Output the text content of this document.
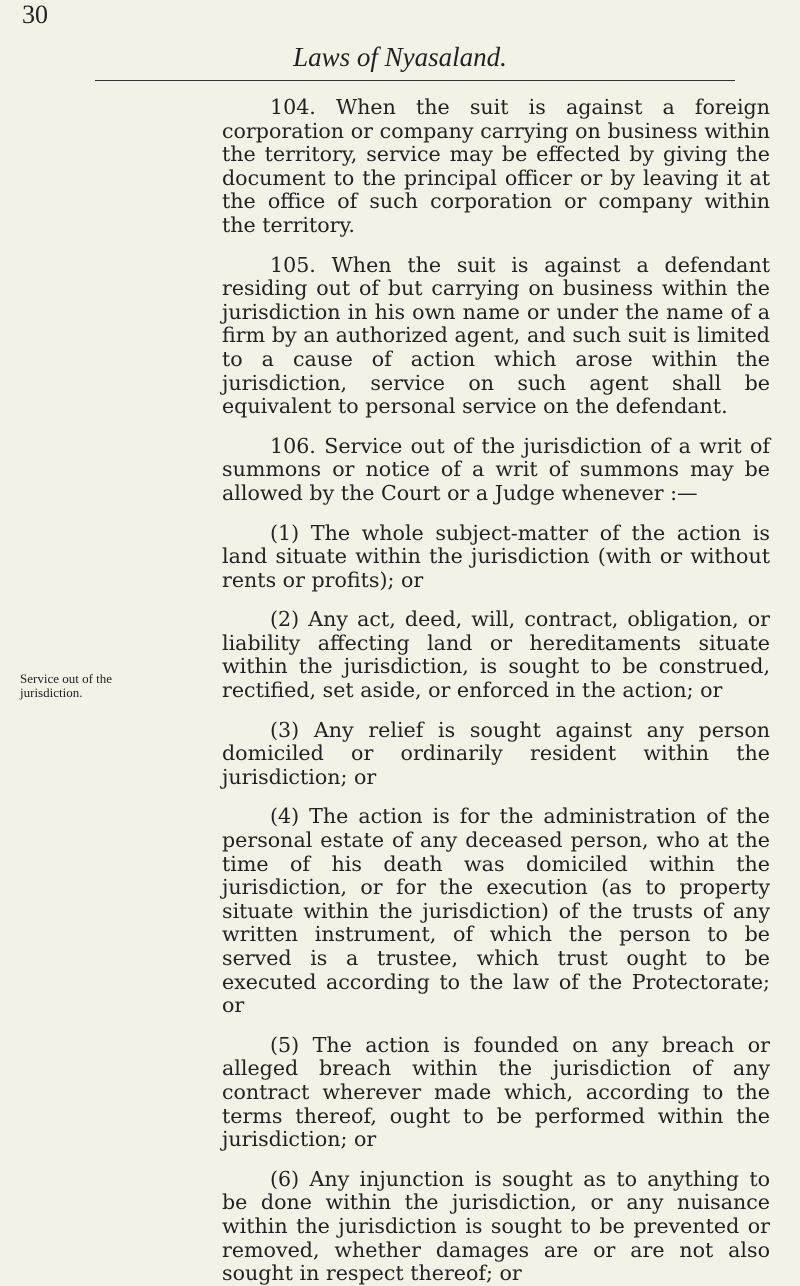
30
Laws of Nyasaland.
Service out of the jurisdiction.

104. When the suit is against a foreign corporation or company carrying on business within the territory, service may be effected by giving the document to the principal officer or by leaving it at the office of such corporation or company within the territory.

105. When the suit is against a defendant residing out of but carrying on business within the jurisdiction in his own name or under the name of a firm by an authorized agent, and such suit is limited to a cause of action which arose within the jurisdiction, service on such agent shall be equivalent to personal service on the defendant.

106. Service out of the jurisdiction of a writ of summons or notice of a writ of summons may be allowed by the Court or a Judge whenever :—

(1) The whole subject-matter of the action is land situate within the jurisdiction (with or without rents or profits); or

(2) Any act, deed, will, contract, obligation, or liability affecting land or hereditaments situate within the jurisdiction, is sought to be construed, rectified, set aside, or enforced in the action; or

(3) Any relief is sought against any person domiciled or ordinarily resident within the jurisdiction; or

(4) The action is for the administration of the personal estate of any deceased person, who at the time of his death was domiciled within the jurisdiction, or for the execution (as to property situate within the jurisdiction) of the trusts of any written instrument, of which the person to be served is a trustee, which trust ought to be executed according to the law of the Protectorate; or

(5) The action is founded on any breach or alleged breach within the jurisdiction of any contract wherever made which, according to the terms thereof, ought to be performed within the jurisdiction; or

(6) Any injunction is sought as to anything to be done within the jurisdiction, or any nuisance within the jurisdiction is sought to be prevented or removed, whether damages are or are not also sought in respect thereof; or
